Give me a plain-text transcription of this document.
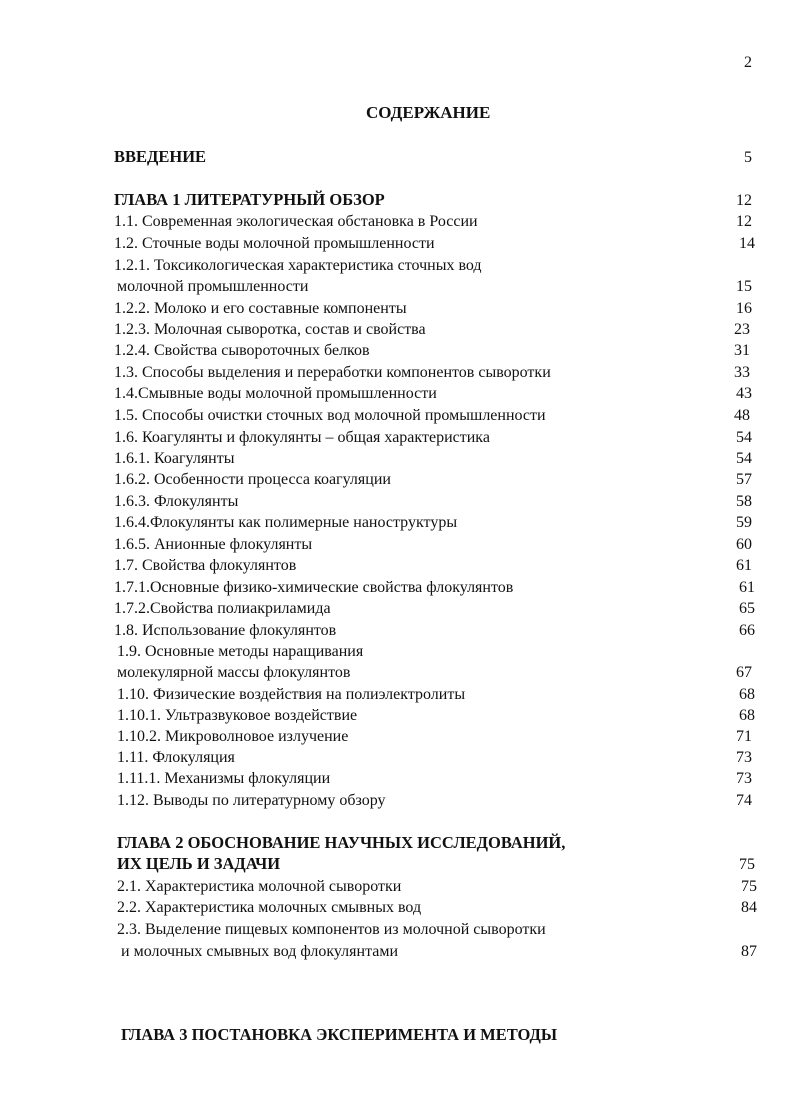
2
СОДЕРЖАНИЕ
ВВЕДЕНИЕ	5
ГЛАВА 1 ЛИТЕРАТУРНЫЙ ОБЗОР	12
1.1. Современная экологическая обстановка в России	12
1.2. Сточные воды молочной промышленности	14
1.2.1. Токсикологическая характеристика сточных вод
молочной промышленности	15
1.2.2. Молоко и его составные компоненты	16
1.2.3. Молочная сыворотка, состав и свойства	23
1.2.4. Свойства сывороточных белков	31
1.3. Способы выделения и переработки компонентов сыворотки	33
1.4.Смывные воды молочной промышленности	43
1.5. Способы очистки сточных вод молочной промышленности	48
1.6. Коагулянты и флокулянты – общая характеристика	54
1.6.1. Коагулянты	54
1.6.2. Особенности процесса коагуляции	57
1.6.3. Флокулянты	58
1.6.4.Флокулянты как полимерные наноструктуры	59
1.6.5. Анионные флокулянты	60
1.7. Свойства флокулянтов	61
1.7.1.Основные физико-химические свойства флокулянтов	61
1.7.2.Свойства полиакриламида	65
1.8. Использование флокулянтов	66
1.9. Основные методы наращивания
молекулярной массы флокулянтов	67
1.10. Физические воздействия на полиэлектролиты	68
1.10.1. Ультразвуковое воздействие	68
1.10.2. Микроволновое излучение	71
1.11. Флокуляция	73
1.11.1. Механизмы флокуляции	73
1.12. Выводы по литературному обзору	74
ГЛАВА 2 ОБОСНОВАНИЕ НАУЧНЫХ ИССЛЕДОВАНИЙ,
ИХ ЦЕЛЬ И ЗАДАЧИ	75
2.1. Характеристика молочной сыворотки	75
2.2. Характеристика молочных смывных вод	84
2.3. Выделение пищевых компонентов из молочной сыворотки
и молочных смывных вод флокулянтами	87
ГЛАВА 3 ПОСТАНОВКА ЭКСПЕРИМЕНТА И МЕТОДЫ
